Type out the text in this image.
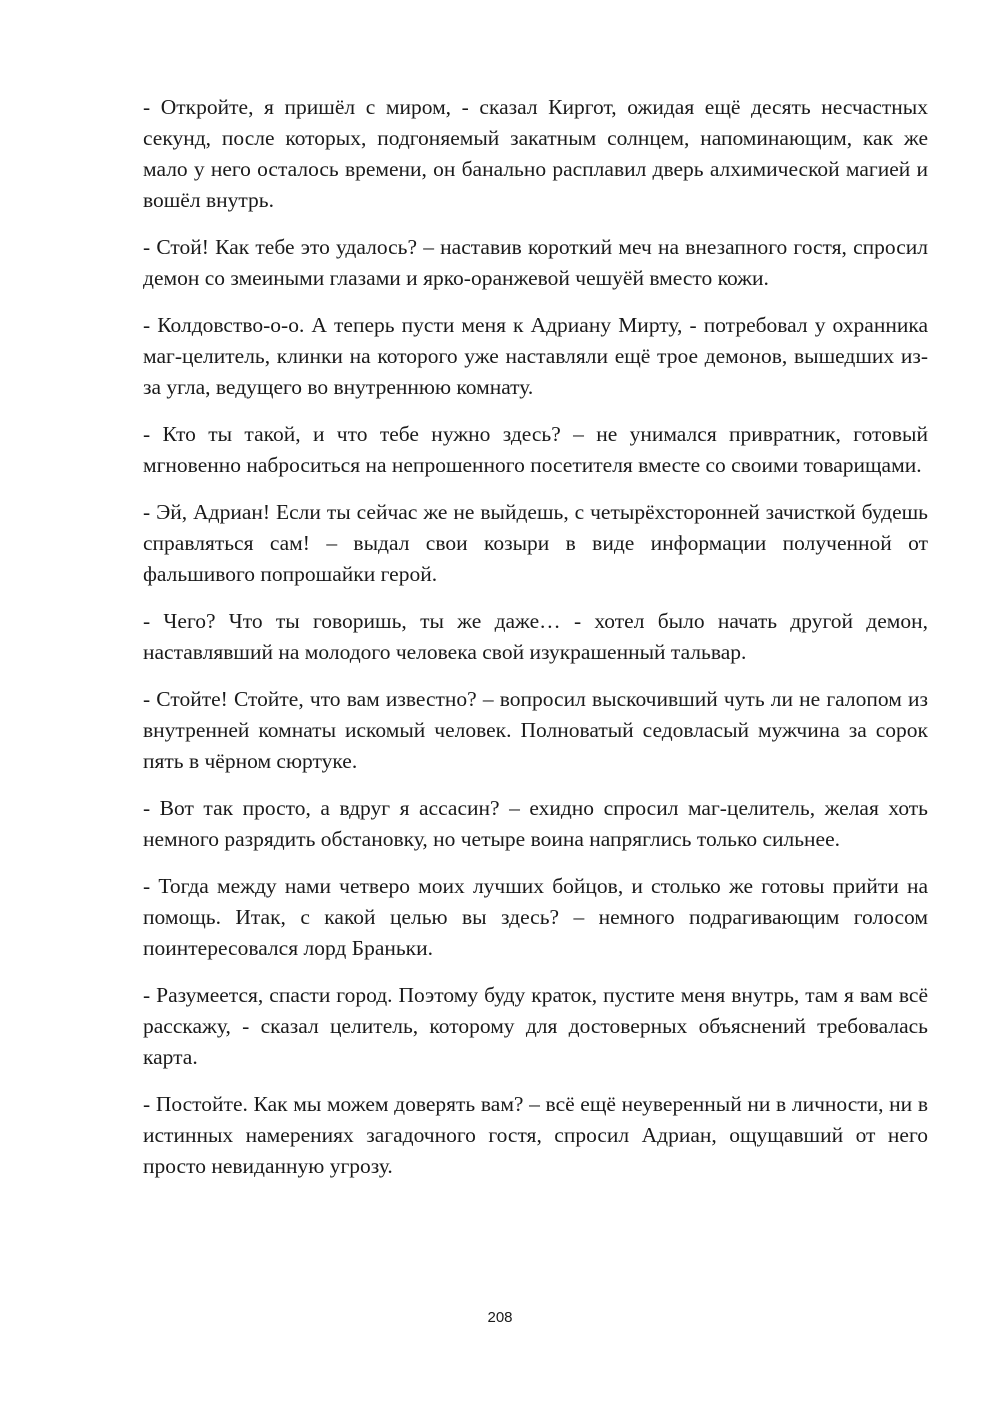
- Откройте, я пришёл с миром, - сказал Киргот, ожидая ещё десять несчастных секунд, после которых, подгоняемый закатным солнцем, напоминающим, как же мало у него осталось времени, он банально расплавил дверь алхимической магией и вошёл внутрь.

- Стой! Как тебе это удалось? – наставив короткий меч на внезапного гостя, спросил демон со змеиными глазами и ярко-оранжевой чешуёй вместо кожи.

- Колдовство-о-о. А теперь пусти меня к Адриану Мирту, - потребовал у охранника маг-целитель, клинки на которого уже наставляли ещё трое демонов, вышедших из-за угла, ведущего во внутреннюю комнату.

- Кто ты такой, и что тебе нужно здесь? – не унимался привратник, готовый мгновенно наброситься на непрошенного посетителя вместе со своими товарищами.

- Эй, Адриан! Если ты сейчас же не выйдешь, с четырёхсторонней зачисткой будешь справляться сам! – выдал свои козыри в виде информации полученной от фальшивого попрошайки герой.

- Чего? Что ты говоришь, ты же даже… - хотел было начать другой демон, наставлявший на молодого человека свой изукрашенный тальвар.

- Стойте! Стойте, что вам известно? – вопросил выскочивший чуть ли не галопом из внутренней комнаты искомый человек. Полноватый седовласый мужчина за сорок пять в чёрном сюртуке.

- Вот так просто, а вдруг я ассасин? – ехидно спросил маг-целитель, желая хоть немного разрядить обстановку, но четыре воина напряглись только сильнее.

- Тогда между нами четверо моих лучших бойцов, и столько же готовы прийти на помощь. Итак, с какой целью вы здесь? – немного подрагивающим голосом поинтересовался лорд Браньки.

- Разумеется, спасти город. Поэтому буду краток, пустите меня внутрь, там я вам всё расскажу, - сказал целитель, которому для достоверных объяснений требовалась карта.

- Постойте. Как мы можем доверять вам? – всё ещё неуверенный ни в личности, ни в истинных намерениях загадочного гостя, спросил Адриан, ощущавший от него просто невиданную угрозу.

208
